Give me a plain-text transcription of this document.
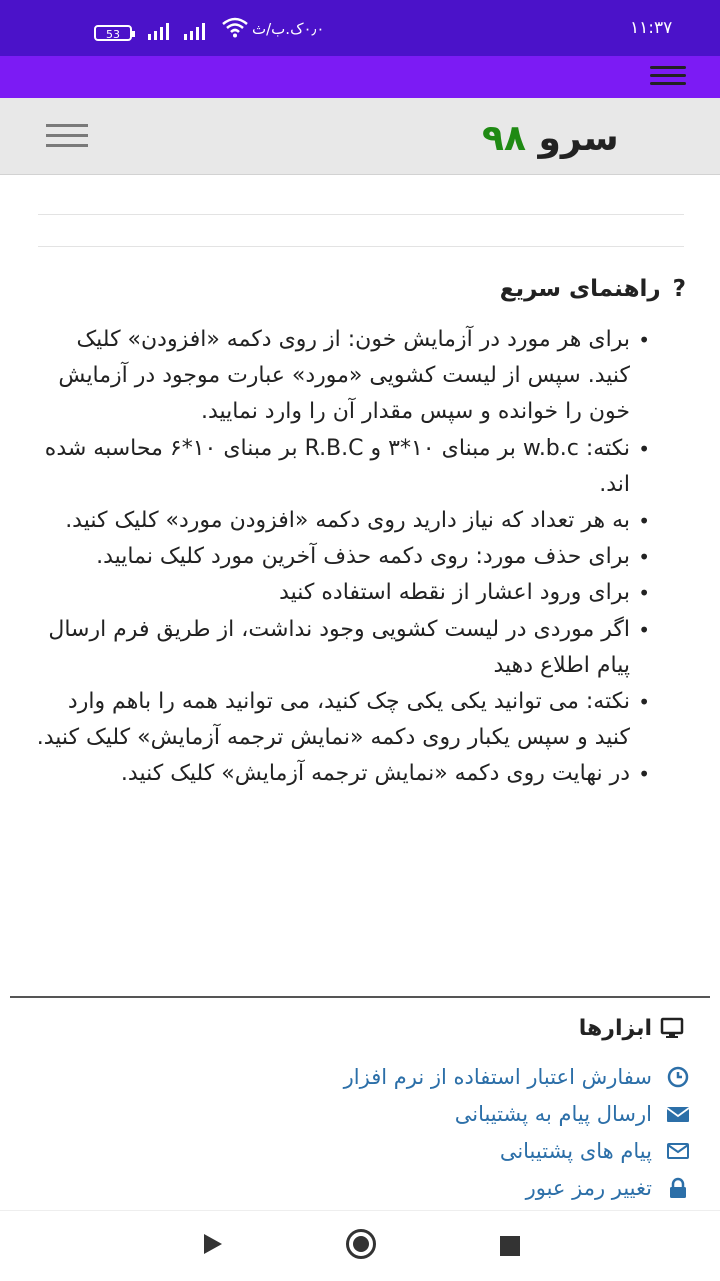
53	۰٫۰ک.ب/ث	۱۱:۳۷
سرو ۹۸
?راهنمای سریع
• برای هر مورد در آزمایش خون: از روی دکمه «افزودن» کلیک کنید. سپس از لیست کشویی «مورد» عبارت موجود در آزمایش خون را خوانده و سپس مقدار آن را وارد نمایید.
• نکته: w.b.c بر مبنای ۱۰*۳ و R.B.C بر مبنای ۱۰*۶ محاسبه شده اند.
• به هر تعداد که نیاز دارید روی دکمه «افزودن مورد» کلیک کنید.
• برای حذف مورد: روی دکمه حذف آخرین مورد کلیک نمایید.
• برای ورود اعشار از نقطه استفاده کنید
• اگر موردی در لیست کشویی وجود نداشت، از طریق فرم ارسال پیام اطلاع دهید
• نکته: می توانید یکی یکی چک کنید، می توانید همه را باهم وارد کنید و سپس یکبار روی دکمه «نمایش ترجمه آزمایش» کلیک کنید.
• در نهایت روی دکمه «نمایش ترجمه آزمایش» کلیک کنید.
ابزارها
سفارش اعتبار استفاده از نرم افزار
ارسال پیام به پشتیبانی
پیام های پشتیبانی
تغییر رمز عبور
